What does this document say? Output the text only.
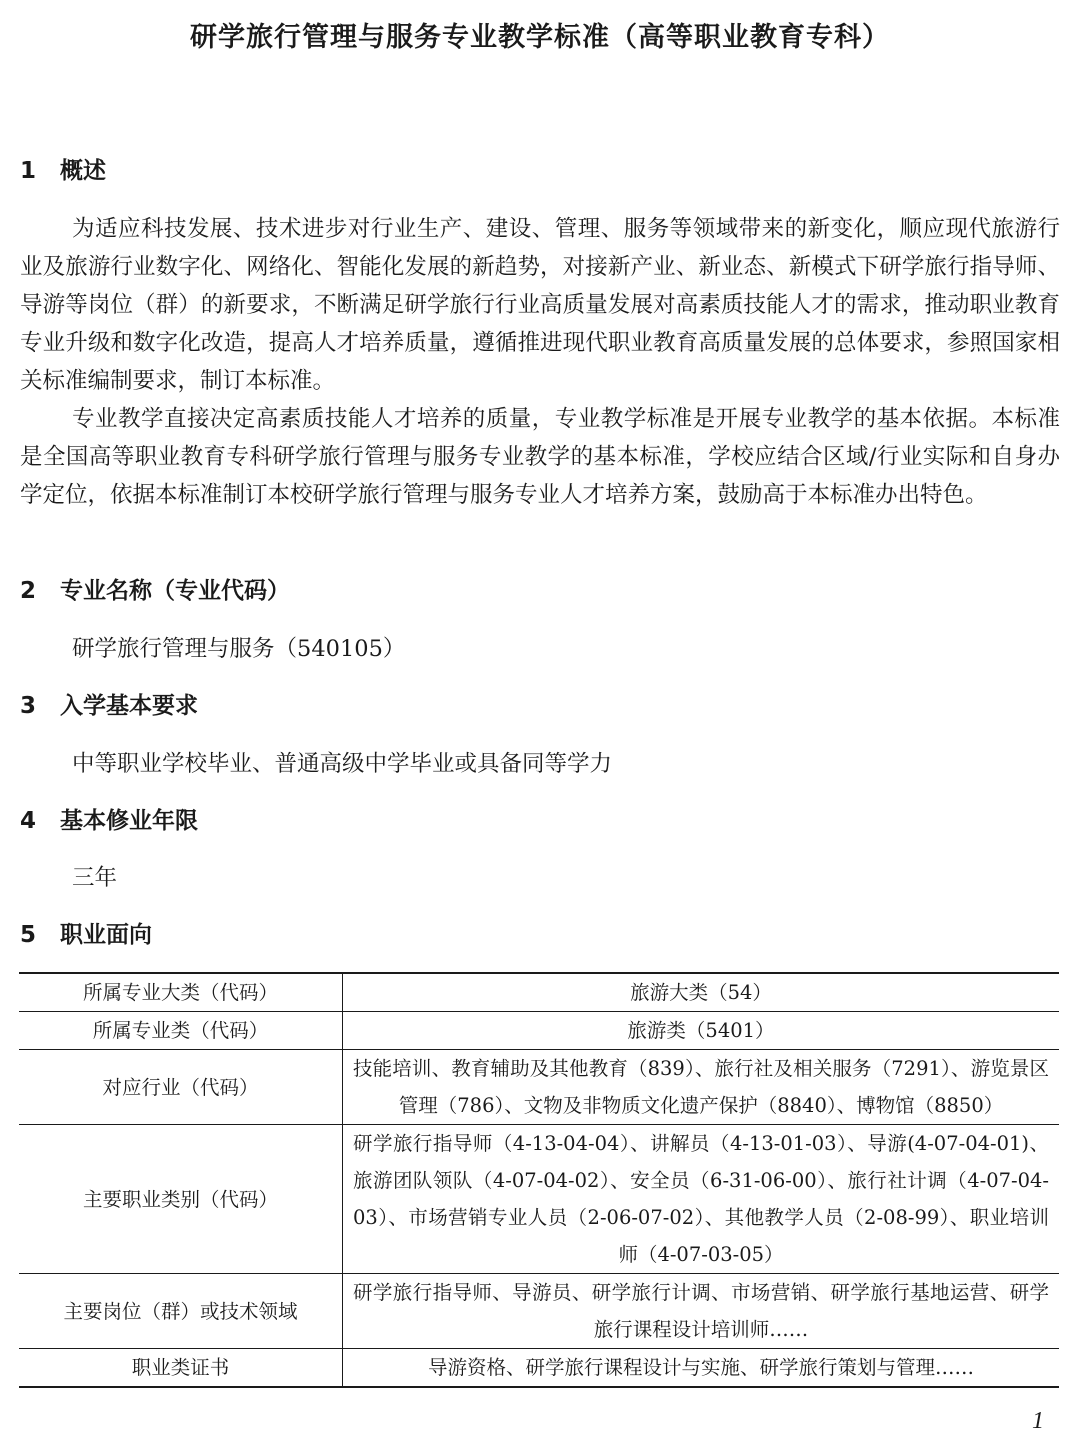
研学旅行管理与服务专业教学标准（高等职业教育专科）
1 概述
为适应科技发展、技术进步对行业生产、建设、管理、服务等领域带来的新变化，顺应现代旅游行业及旅游行业数字化、网络化、智能化发展的新趋势，对接新产业、新业态、新模式下研学旅行指导师、导游等岗位（群）的新要求，不断满足研学旅行行业高质量发展对高素质技能人才的需求，推动职业教育专业升级和数字化改造，提高人才培养质量，遵循推进现代职业教育高质量发展的总体要求，参照国家相关标准编制要求，制订本标准。
专业教学直接决定高素质技能人才培养的质量，专业教学标准是开展专业教学的基本依据。本标准是全国高等职业教育专科研学旅行管理与服务专业教学的基本标准，学校应结合区域/行业实际和自身办学定位，依据本标准制订本校研学旅行管理与服务专业人才培养方案，鼓励高于本标准办出特色。
2 专业名称（专业代码）
研学旅行管理与服务（540105）
3 入学基本要求
中等职业学校毕业、普通高级中学毕业或具备同等学力
4 基本修业年限
三年
5 职业面向
所属专业大类（代码）	旅游大类（54）
所属专业类（代码）	旅游类（5401）
对应行业（代码）	技能培训、教育辅助及其他教育（839）、旅行社及相关服务（7291）、游览景区管理（786）、文物及非物质文化遗产保护（8840）、博物馆（8850）
主要职业类别（代码）	研学旅行指导师（4-13-04-04）、讲解员（4-13-01-03）、导游(4-07-04-01)、旅游团队领队（4-07-04-02）、安全员（6-31-06-00）、旅行社计调（4-07-04-03）、市场营销专业人员（2-06-07-02）、其他教学人员（2-08-99）、职业培训师（4-07-03-05）
主要岗位（群）或技术领域	研学旅行指导师、导游员、研学旅行计调、市场营销、研学旅行基地运营、研学旅行课程设计培训师……
职业类证书	导游资格、研学旅行课程设计与实施、研学旅行策划与管理……
1
